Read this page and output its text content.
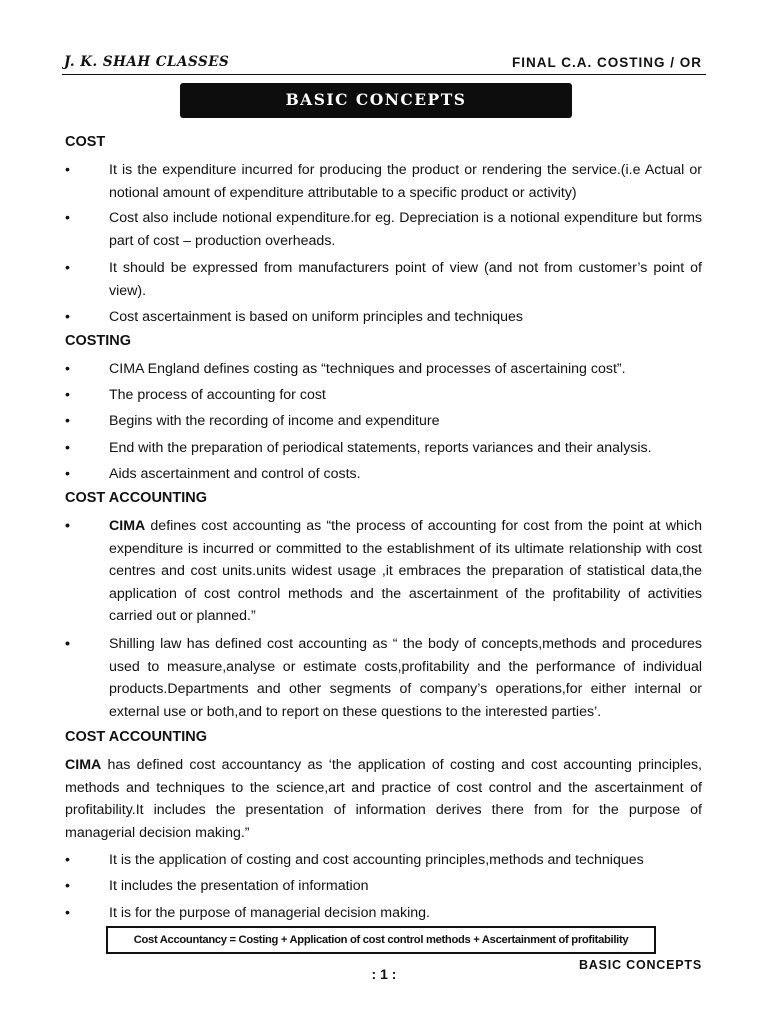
J. K. SHAH CLASSES	FINAL C.A. COSTING / OR
BASIC CONCEPTS
COST
•	It is the expenditure incurred for producing the product or rendering the service.(i.e Actual or notional amount of expenditure attributable to a specific product or activity)
•	Cost also include notional expenditure.for eg. Depreciation is a notional expenditure but forms part of cost – production overheads.
•	It should be expressed from manufacturers point of view (and not from customer’s point of view).
•	Cost ascertainment is based on uniform principles and techniques
COSTING
•	CIMA England defines costing as “techniques and processes of ascertaining cost”.
•	The process of accounting for cost
•	Begins with the recording of income and expenditure
•	End with the preparation of periodical statements, reports variances and their analysis.
•	Aids ascertainment and control of costs.
COST ACCOUNTING
•	CIMA defines cost accounting as “the process of accounting for cost from the point at which expenditure is incurred or committed to the establishment of its ultimate relationship with cost centres and cost units.units widest usage ,it embraces the preparation of statistical data,the application of cost control methods and the ascertainment of the profitability of activities carried out or planned.”
•	Shilling law has defined cost accounting as “ the body of concepts,methods and procedures used to measure,analyse or estimate costs,profitability and the performance of individual products.Departments and other segments of company’s operations,for either internal or external use or both,and to report on these questions to the interested parties’.
COST ACCOUNTING
CIMA has defined cost accountancy as ‘the application of costing and cost accounting principles, methods and techniques to the science,art and practice of cost control and the ascertainment of profitability.It includes the presentation of information derives there from for the purpose of managerial decision making.”
•	It is the application of costing and cost accounting principles,methods and techniques
•	It includes the presentation of information
•	It is for the purpose of managerial decision making.
Cost Accountancy = Costing + Application of cost control methods + Ascertainment of profitability
: 1 :
BASIC CONCEPTS
